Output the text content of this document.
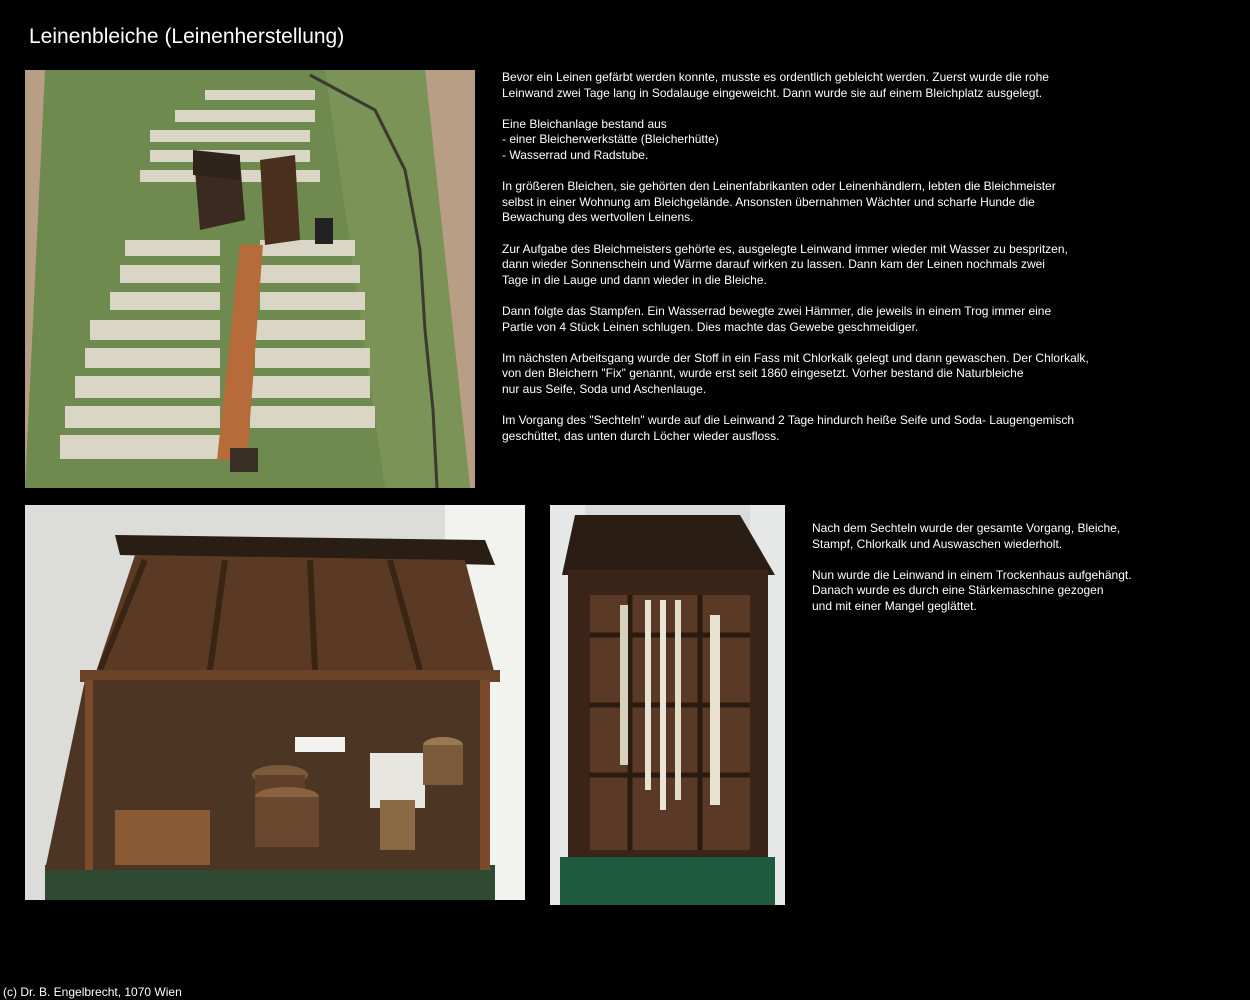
Leinenbleiche (Leinenherstellung)

Bevor ein Leinen gefärbt werden konnte, musste es ordentlich gebleicht werden. Zuerst wurde die rohe
Leinwand zwei Tage lang in Sodalauge eingeweicht. Dann wurde sie auf einem Bleichplatz ausgelegt.

Eine Bleichanlage bestand aus
- einer Bleicherwerkstätte (Bleicherhütte)
- Wasserrad und Radstube.

In größeren Bleichen, sie gehörten den Leinenfabrikanten oder Leinenhändlern, lebten die Bleichmeister
selbst in einer Wohnung am Bleichgelände. Ansonsten übernahmen Wächter und scharfe Hunde die
Bewachung des wertvollen Leinens.

Zur Aufgabe des Bleichmeisters gehörte es, ausgelegte Leinwand immer wieder mit Wasser zu bespritzen,
dann wieder Sonnenschein und Wärme darauf wirken zu lassen. Dann kam der Leinen nochmals zwei
Tage in die Lauge und dann wieder in die Bleiche.

Dann folgte das Stampfen. Ein Wasserrad bewegte zwei Hämmer, die jeweils in einem Trog immer eine
Partie von 4 Stück Leinen schlugen. Dies machte das Gewebe geschmeidiger.

Im nächsten Arbeitsgang wurde der Stoff in ein Fass mit Chlorkalk gelegt und dann gewaschen. Der Chlorkalk,
von den Bleichern "Fix" genannt, wurde erst seit 1860 eingesetzt. Vorher bestand die Naturbleiche
nur aus Seife, Soda und Aschenlauge.

Im Vorgang des "Sechteln" wurde auf die Leinwand 2 Tage hindurch heiße Seife und Soda- Laugengemisch
geschüttet, das unten durch Löcher wieder ausfloss.

Nach dem Sechteln wurde der gesamte Vorgang, Bleiche,
Stampf, Chlorkalk und Auswaschen wiederholt.

Nun wurde die Leinwand in einem Trockenhaus aufgehängt.
Danach wurde es durch eine Stärkemaschine gezogen
und mit einer Mangel geglättet.

(c) Dr. B. Engelbrecht, 1070 Wien
